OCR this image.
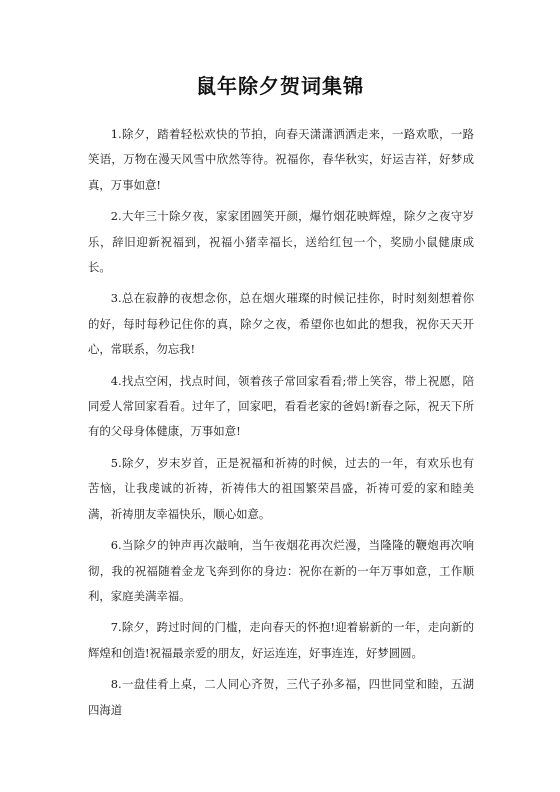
鼠年除夕贺词集锦

1.除夕，踏着轻松欢快的节拍，向春天潇潇洒洒走来，一路欢歌，一路笑语，万物在漫天风雪中欣然等待。祝福你，春华秋实，好运吉祥，好梦成真，万事如意!

2.大年三十除夕夜，家家团圆笑开颜，爆竹烟花映辉煌，除夕之夜守岁乐，辞旧迎新祝福到，祝福小猪幸福长，送给红包一个，奖励小鼠健康成长。

3.总在寂静的夜想念你，总在烟火璀璨的时候记挂你，时时刻刻想着你的好，每时每秒记住你的真，除夕之夜，希望你也如此的想我，祝你天天开心，常联系，勿忘我!

4.找点空闲，找点时间，领着孩子常回家看看;带上笑容，带上祝愿，陪同爱人常回家看看。过年了，回家吧，看看老家的爸妈!新春之际，祝天下所有的父母身体健康，万事如意!

5.除夕，岁末岁首，正是祝福和祈祷的时候，过去的一年，有欢乐也有苦恼，让我虔诚的祈祷，祈祷伟大的祖国繁荣昌盛，祈祷可爱的家和睦美满，祈祷朋友幸福快乐，顺心如意。

6.当除夕的钟声再次敲响，当午夜烟花再次烂漫，当隆隆的鞭炮再次响彻，我的祝福随着金龙飞奔到你的身边：祝你在新的一年万事如意，工作顺利，家庭美满幸福。

7.除夕，跨过时间的门槛，走向春天的怀抱!迎着崭新的一年，走向新的辉煌和创造!祝福最亲爱的朋友，好运连连，好事连连，好梦圆圆。

8.一盘佳肴上桌，二人同心齐贺，三代子孙多福，四世同堂和睦，五湖四海道
